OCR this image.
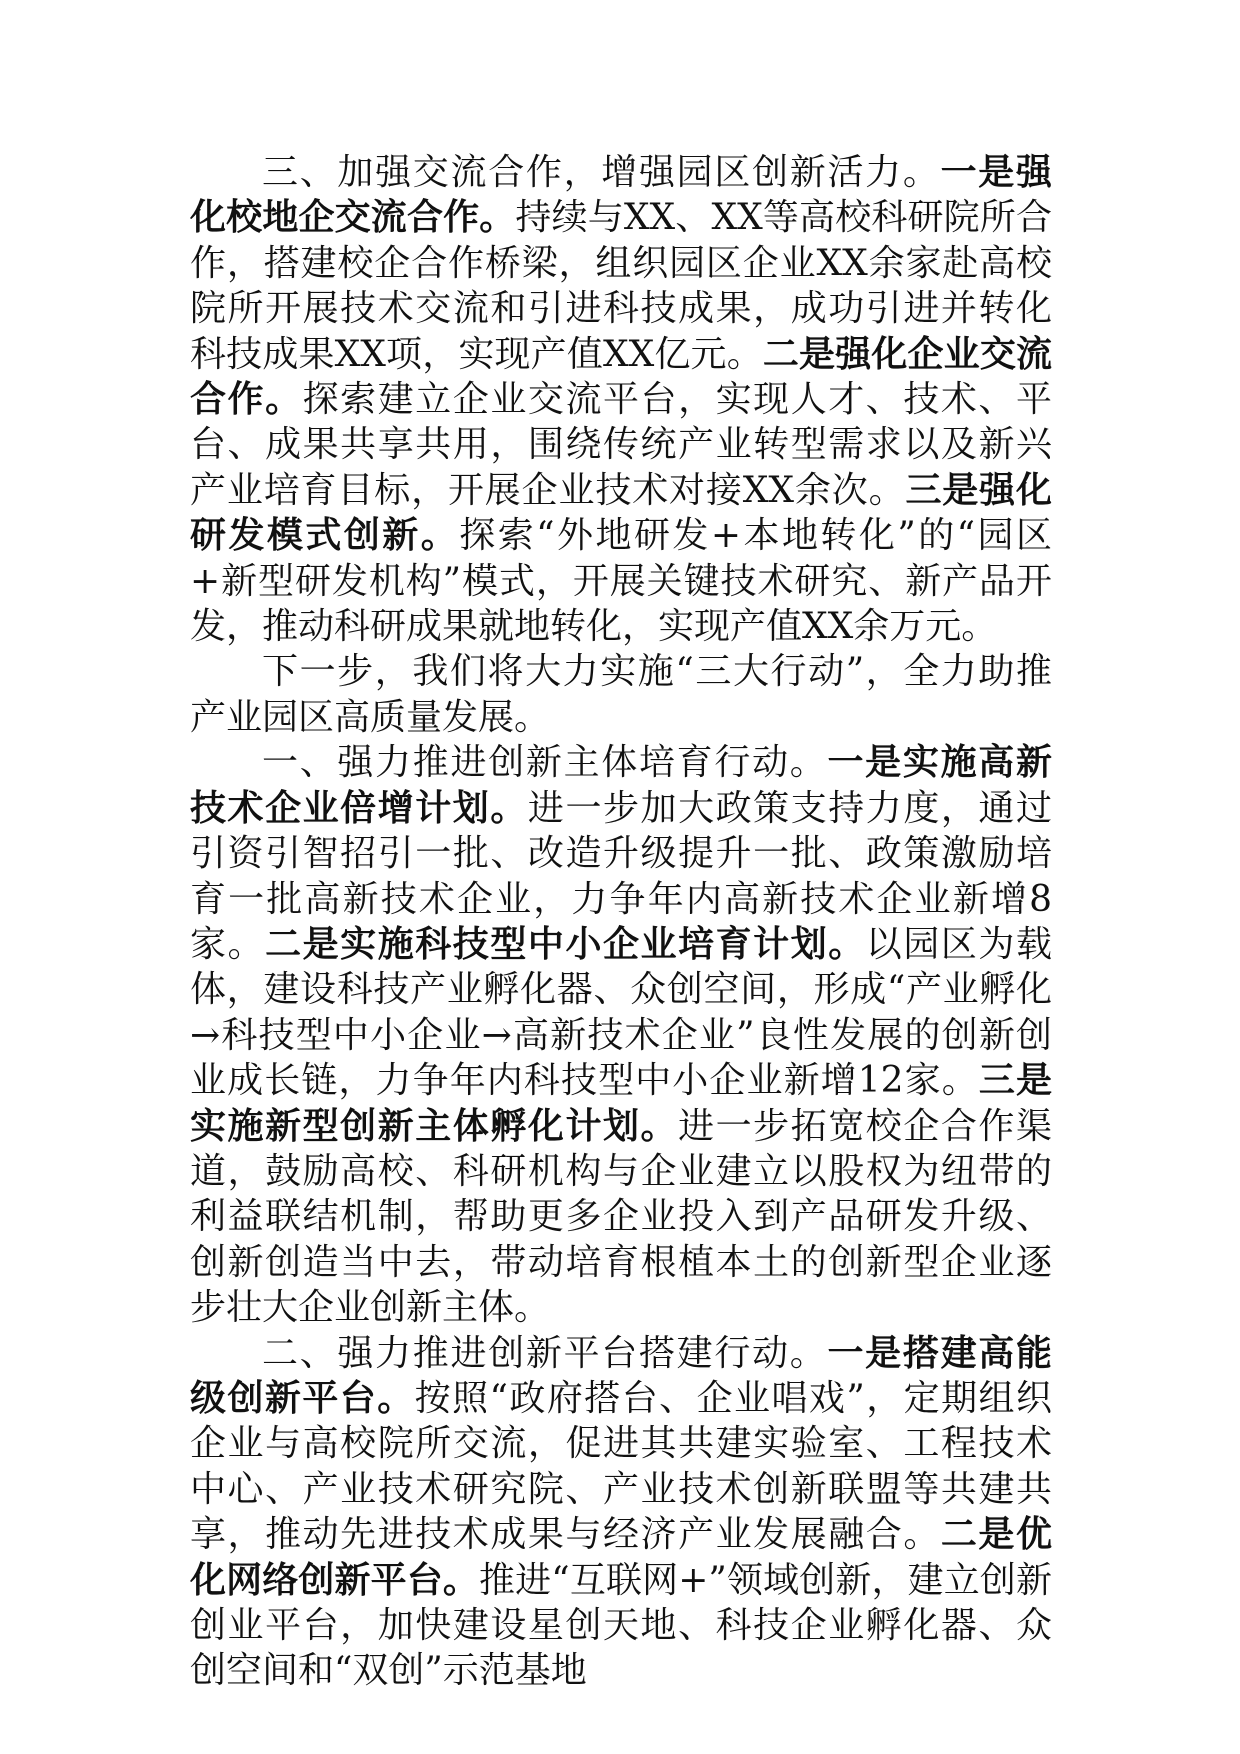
三、加强交流合作，增强园区创新活力。一是强化校地企交流合作。持续与XX、XX等高校科研院所合作，搭建校企合作桥梁，组织园区企业XX余家赴高校院所开展技术交流和引进科技成果，成功引进并转化科技成果XX项，实现产值XX亿元。二是强化企业交流合作。探索建立企业交流平台，实现人才、技术、平台、成果共享共用，围绕传统产业转型需求以及新兴产业培育目标，开展企业技术对接XX余次。三是强化研发模式创新。探索“外地研发+本地转化”的“园区+新型研发机构”模式，开展关键技术研究、新产品开发，推动科研成果就地转化，实现产值XX余万元。

下一步，我们将大力实施“三大行动”，全力助推产业园区高质量发展。

一、强力推进创新主体培育行动。一是实施高新技术企业倍增计划。进一步加大政策支持力度，通过引资引智招引一批、改造升级提升一批、政策激励培育一批高新技术企业，力争年内高新技术企业新增8家。二是实施科技型中小企业培育计划。以园区为载体，建设科技产业孵化器、众创空间，形成“产业孵化→科技型中小企业→高新技术企业”良性发展的创新创业成长链，力争年内科技型中小企业新增12家。三是实施新型创新主体孵化计划。进一步拓宽校企合作渠道，鼓励高校、科研机构与企业建立以股权为纽带的利益联结机制，帮助更多企业投入到产品研发升级、创新创造当中去，带动培育根植本土的创新型企业逐步壮大企业创新主体。

二、强力推进创新平台搭建行动。一是搭建高能级创新平台。按照“政府搭台、企业唱戏”，定期组织企业与高校院所交流，促进其共建实验室、工程技术中心、产业技术研究院、产业技术创新联盟等共建共享，推动先进技术成果与经济产业发展融合。二是优化网络创新平台。推进“互联网+”领域创新，建立创新创业平台，加快建设星创天地、科技企业孵化器、众创空间和“双创”示范基地
